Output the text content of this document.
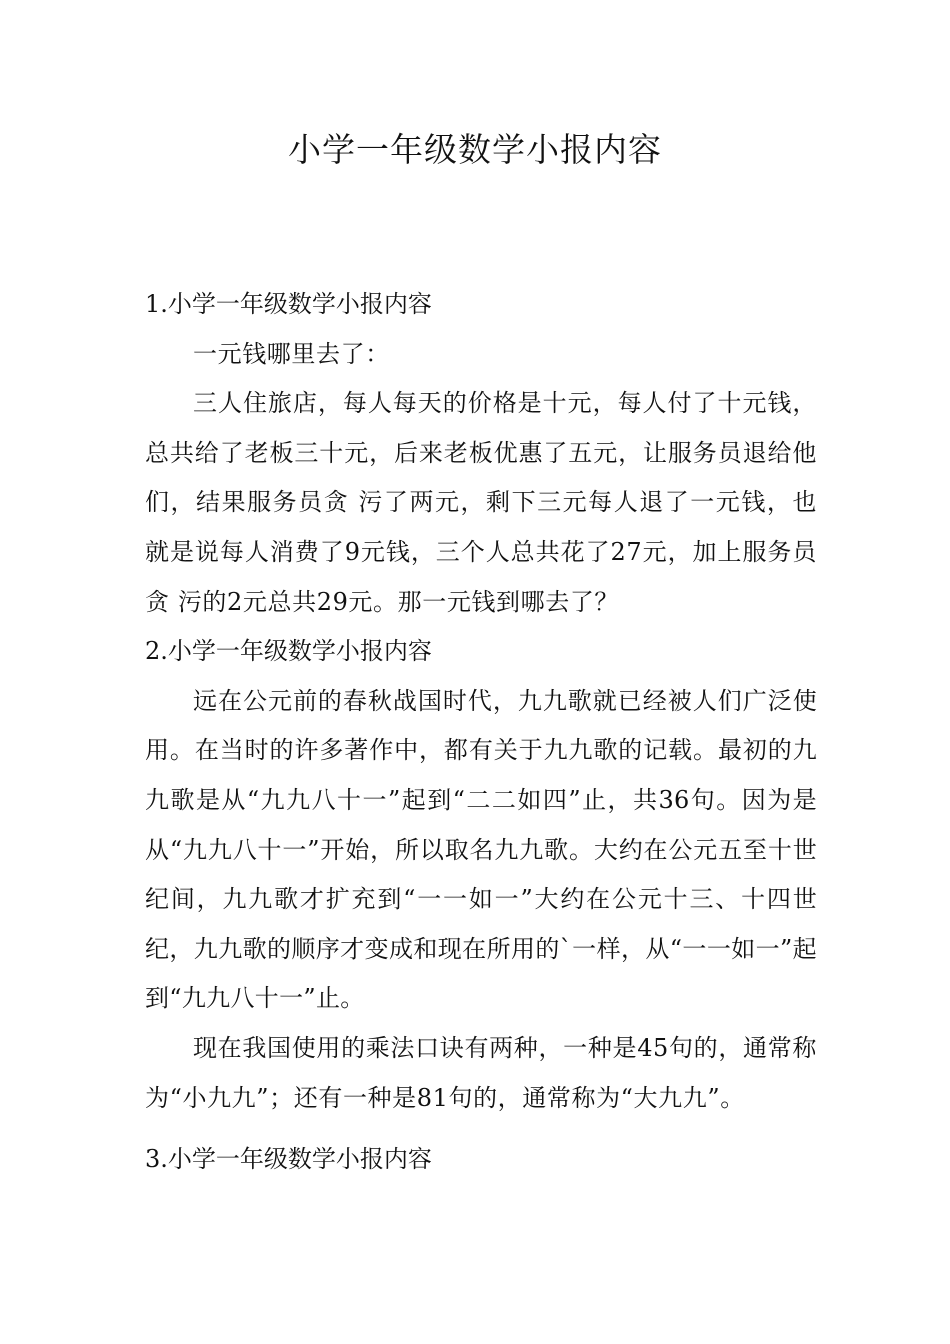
小学一年级数学小报内容
1.小学一年级数学小报内容

一元钱哪里去了：

三人住旅店，每人每天的价格是十元，每人付了十元钱，总共给了老板三十元，后来老板优惠了五元，让服务员退给他们，结果服务员贪 污了两元，剩下三元每人退了一元钱，也就是说每人消费了9元钱，三个人总共花了27元，加上服务员贪 污的2元总共29元。那一元钱到哪去了？

2.小学一年级数学小报内容

远在公元前的春秋战国时代，九九歌就已经被人们广泛使用。在当时的许多著作中，都有关于九九歌的记载。最初的九九歌是从“九九八十一”起到“二二如四”止，共36句。因为是从“九九八十一”开始，所以取名九九歌。大约在公元五至十世纪间，九九歌才扩充到“一一如一”大约在公元十三、十四世纪，九九歌的顺序才变成和现在所用的`一样，从“一一如一”起到“九九八十一”止。

现在我国使用的乘法口诀有两种，一种是45句的，通常称为“小九九”；还有一种是81句的，通常称为“大九九”。

3.小学一年级数学小报内容
